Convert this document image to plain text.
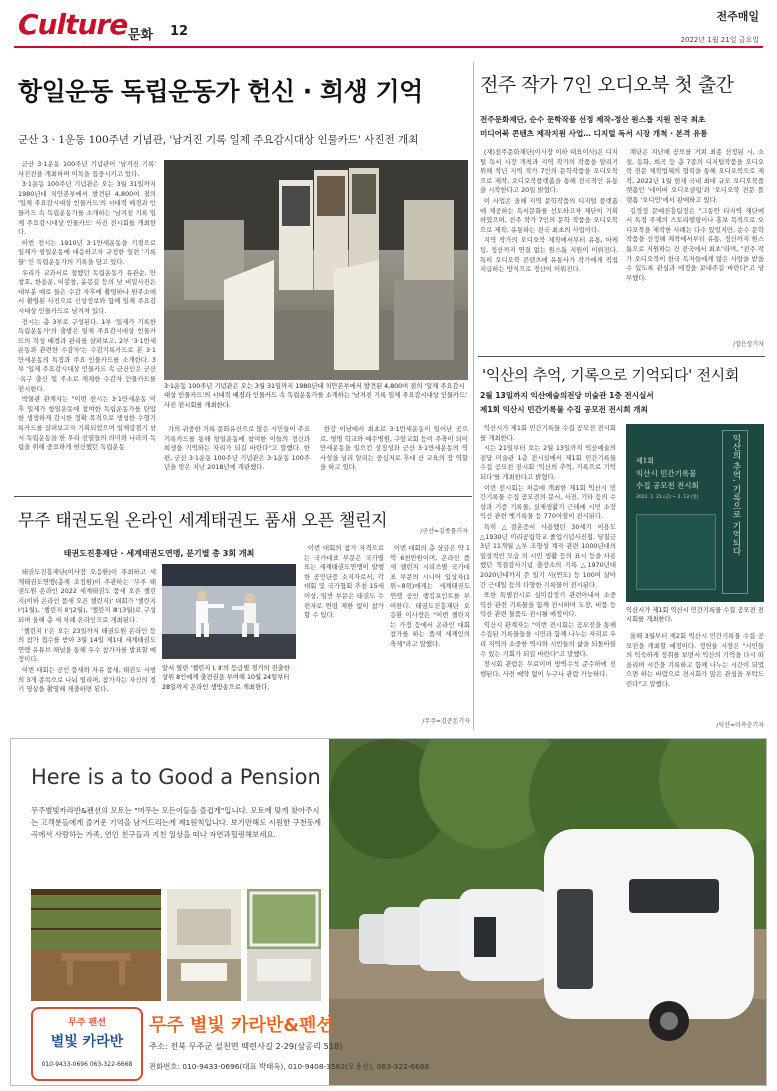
Culture 문화 12
전주매일
2022년 1월 21일 금요일
항일운동 독립운동가 헌신 · 희생 기억
군산 3 · 1운동 100주년 기념관, '남겨진 기록 일제 주요감시대상 인물카드' 사진전 개최

군산 3·1운동 100주년 기념관이 '남겨진 기록' 사진전을 개최하며 이목을 집중시키고 있다.

3·1운동 100주년 기념관은 오는 3월 31일까지 1980년대 치안본부에서 발견된 4,800여 점의 '일제 주요감시대상 인물카드'의 시대적 배경과 인물카드 속 독립운동가를 소개하는 '남겨진 기록 일제 주요감시대상 인물카드' 사진 전시회를 개최한다.

이번 전시는 1910년 3·1만세운동을 기점으로 일제가 항일운동에 대응하고자 규정한 일련 '기록물' 인 독립운동가의 기록을 담고 있다.

우리가 교과서로 접했던 독립운동가 유관순, 안창호, 한용운, 이봉창, 윤봉길 등의 낮 비밀사진은 대부분 예로 들은 수감 자후에 촬영하나 원주소에서 촬영된 사진으로 신상정보와 함께 일제 주요감시대상 인물카드로 남겨져 있다.

전시는 총 3부로 구성된다. 1부 '일제가 기록한 독립운동가'의 출발은 일제 주요감시대상 인물카드의 작성 배경과 관리를 살펴보고, 2부 '3·1만세운동과 관련한 수감자'는 수감기록카드로 본 3·1만세운동의 특징과 주요 인물카드를 소개한다. 3부 '일제 주요감시대상 인물카드 속 군산인은 군산·옥구 출신 및 주소로 게재한 수감자 인물카드를 전시한다.

박물관 관계자는 "이번 전시는 3·1만세운동 이후 일제가 항일운동에 참여한 독립운동가를 탄압한 생생하게 감시한 정확 목적으로 생성한 수형기록카드를 살펴보고자 기획되었으며 일제강점기 삼시 독립운동을 한 우리 선열들의 의미와 나라의 독립을 위해 중요하게 헌신했던 독립운동

3·1운동 100주년 기념관은 오는 3월 31일까지 1980년대 치안본부에서 발견된 4,800여 점의 '일제 주요감시대상 인물카드'의 시대적 배경과 인물카드 속 독립운동가를 소개하는 '남겨진 기록 일제 주요감시대상 인물카드' 사진 전시회를 개최한다.
가의 귀중한 기록 문화유산으로 많은 시민들이 주요기록카드를 통해 항일운동에 참여한 이들의 정신과 희생을 기억하는 자리가 되길 바란다"고 말했다. 한편, 군산 3·1운동 100주년 기념관은 3·1운동 100주년을 맞은 지난 2018년에 개관했다.
한강 이남에서 최초로 3·1만세운동이 일어난 곳으로, 영명 학교와 예수병원, 구암교회 등이 주축이 되어 만세운동을 일으킨 상징성과 군산 3·1만세운동의 역사성을 널리 알리는 중심지로 후대 산 교육의 장 역할을 하고 있다.
/군산=김종률기자
전주 작가 7인 오디오북 첫 출간
전주문화재단, 순수 문학작품 선정 제작-정산 원스톱 지원 전국 최초
미디어북 콘텐츠 제작지원 사업… 디지털 독서 시장 개척 · 본격 유통

(재)전주문화재단(이사장 이하 대표이사)은 디지털 독서 시장 개척과 지역 작가의 작품을 알리기 위해 작년 지역 작가 7인의 문학작품을 오디오북으로 제작, 오디오북플랫폼을 통해 전국적인 유통을 시작한다고 20일 밝혔다.

이 사업은 올해 지역 문학작품의 디지털 플랫폼에 제공하는 독서문화를 선도하고자 재단이 기획하였으며, 전주 작가 7인의 문학 작품을 오디오북으로 제작, 유통하는 전국 최초의 사업이다.

지역 작가의 오디오북 제작에서부터 유통, 마케팅, 정산까지 연결 없는 원스톱 지원이 이뤄진다. 특히 오디오북 콘텐츠에 유통사가 작가에게 직접 지급하는 방식으로 정산이 이뤄진다.

재단은 지난해 공모를 거쳐 최종 선정된 시, 소설, 동화, 희곡 등 총 7종의 디지털작품을 오디오북 전문 제작업체의 협력을 통해 오디오북으로 제작, 2022년 1월 현재 국내 최대 규모 오디오북플랫폼인 '네이버 오디오클립'과 '오디오북 전문 플랫폼 '오디언'에서 판매하고 있다.

김경정 문예진흥팀장은 "그동안 타지역 재단에서 특정 주제의 스토리텔링이나 홍보 목적으로 오디오북을 제작한 사례는 다수 있었지만, 순수 문학작품을 선정해 제작에서부터 유통, 정산까지 원스톱으로 지원하는 건 전국에서 최초"라며, "전주 작가 오디오북이 한국 독자들에게 많은 사랑을 받을 수 있도록 관심과 애정을 보내주길 바란다"고 당부했다.

/장은상기자
'익산의 추억, 기록으로 기억되다' 전시회
2월 13일까지 익산예술의전당 미술관 1층 전시실서
제1회 익산시 민간기록물 수집 공모전 전시회 개최

익산시가 제1회 민간기록물 수집 공모전 전시회를 개최한다.

시는 21일부터 오는 2월 13일까지 익산예술의전당 미술관 1층 전시실에서 제1회 민간기록물 수집 공모전 전시회 '익산의 추억, 기록으로 기억되다'를 개최한다고 밝혔다.

이번 전시회는 처음에 개최한 제1회 익산시 민간기록물 수집 공모전의 문서, 사진, 기타 등의 수상과 기증 기록물, 실제생활기 근래에 시민 소장 익산 관련 옛기록물 등 770여점이 전시된다.

특히 △결혼증서 사용했던 30세기 이용도 △1930년 이리공립학교 졸업기념사진첩, 당첨금 3년 11개월 △부 조형성 계자 관련 1000년대의 일상적인 모습 의 시민 생활 등의 표시 등을 사용했던 적절감사기념 출장소의 기록 △1970년대 2020년대까지 쓴 일기 사(연도) 등 100여 살아 간 근대일 등의 다양한 기록물이 전시된다.

또한 특별전시로 심미감정기 관련아내서 소중 익산 관련 기록물을 함께 전시하며 도장, 비품 등 익산 관련 물품도 전시될 예정이다.

익산시 관계자는 "이번 전시회는 공모전을 통해 수집된 기록물들을 시민과 함께 나누는 자리로 우리 지역의 소중한 역사와 시민들의 삶을 되돌아볼 수 있는 기회가 되길 바란다"고 말했다.

전시회 관람은 무료이며 방역수칙 준수하에 진행된다. 사전 예약 없이 누구나 관람 가능하다.

제1회
익산시 민간기록물
수집 공모전 전시회
2022. 1. 21.(금) ~ 2. 13.(일)	익산의 추억, 기록으로 기억되다
익산시가 제1회 익산시 민간기록물 수집 공모전 전시회를 개최한다.
올해 3월부터 제2회 익산시 민간기록물 수집 공모전을 개최할 예정이다. 정헌율 시장은 "시민들의 익숙하게 정취를 보면서 익산의 기억을 다시 떠올리며 시간을 기록하고 함께 나누는 시간이 되었으면 하는 바람으로 전시회가 많은 관심을 부탁드린다"고 말했다.
/익산=이측춘기자
무주 태권도원 온라인 세계태권도 품새 오픈 챌린지
태권도진흥재단 · 세계태권도연맹, 분기별 총 3회 개최

태권도진흥재단(이사장 오응환)이 주최하고 세계태권도연맹(총재 조정원)이 주관하는 '무주 태권도원 온라인 2022 세계태권도 품새 오픈 챌린지(이하 온라인 품새 오픈 챌린지)' 대회가 '챌린지 Ⅰ'(1월), '챌린지 Ⅱ'(2월), '챌린지 Ⅲ'(3월)로 구성되며 올해 총 세 차례 온라인으로 개최된다.

'챌린지 Ⅰ'은 오는 23일까지 태권도원 온라인 등의 참가 접수를 받아 3월 14일 제1대 세계태권도연맹 유튜브 채널을 통해 우수 참가자를 발표할 예정이다.

이번 대회는 공인 품새와 자유 품새, 태권도 시범의 3개 종목으로 나눠 열리며, 참가자는 자신의 경기 영상을 촬영해 제출하면 된다.

앞서 열린 '챌린지 Ⅰ, Ⅱ'의 등급별 경기의 진출한 상위 8인에게 출전권을 부여해 10월 24일부터 28일까지 온라인 생방송으로 개최한다.
이번 대회의 참가 자격으로는 국가대표 부문은 국가별 또는 세계태권도연맹이 발행한 공인단증 소지자로서, 각 대회 및 국가협회 추천 15세 이상, 일반 부문은 태권도 수련자로 연령 제한 없이 참가할 수 있다.
이번 대회의 총 상금은 약 1억 6천만원이며, 온라인 품새 챌린지 시리즈별 국가대표 부문의 시니어 입상자(1위~8위)에게는 세계태권도연맹 공인 랭킹포인트를 부여한다. 태권도진흥재단 오응환 이사장은 "이번 챌린지는 가정 등에서 온라인 대회 참가를 하는 품새 세계인의 축제"라고 말했다.
/무주=김준돈기자
Here is a to Good a Pension
무주별빛카라반&펜션의 모토는 "머무는 모든이들을 즐겁게"입니다. 모토에 맞게 찾아주시는 고객분들에게 즐거운 기억을 남겨드리는게 제1원칙입니다. 보기만해도 시원한 구천동계곡에서 사랑하는 가족, 연인 친구들과 지친 일상을 떠나 자연과힐링해보세요.
무주 펜션
별빛 카라반
010-9433-0696 063-322-6668
무주 별빛 카라반&펜션
주소: 전북 무주군 설천면 백련사길 2-29(삼공리 518)
전화번호: 010-9433-0696(대표 박태옥), 010-9408-3582(오용선), 063-322-6668
